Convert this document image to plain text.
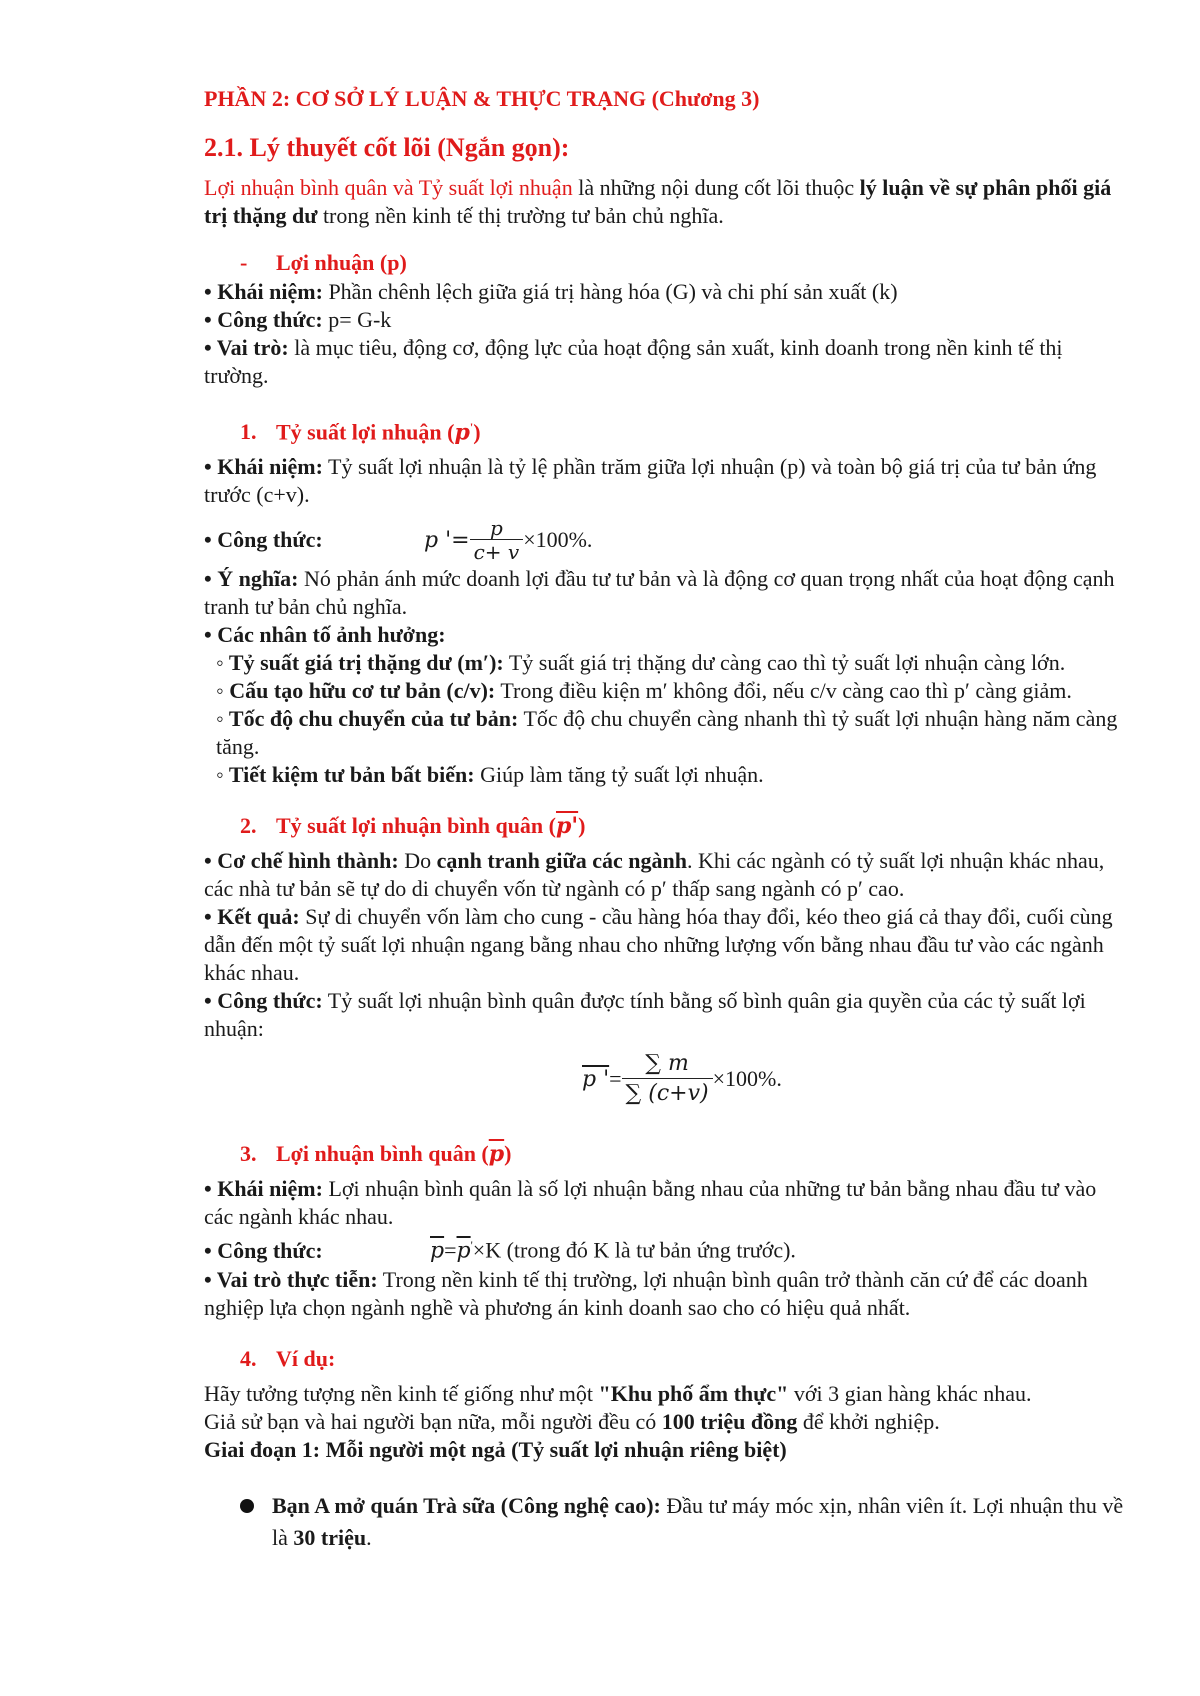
PHẦN 2: CƠ SỞ LÝ LUẬN & THỰC TRẠNG (Chương 3)
2.1. Lý thuyết cốt lõi (Ngắn gọn):

Lợi nhuận bình quân và Tỷ suất lợi nhuận là những nội dung cốt lõi thuộc lý luận về sự phân phối giá trị thặng dư trong nền kinh tế thị trường tư bản chủ nghĩa.

- Lợi nhuận (p)

• Khái niệm: Phần chênh lệch giữa giá trị hàng hóa (G) và chi phí sản xuất (k)

• Công thức: p= G-k

• Vai trò: là mục tiêu, động cơ, động lực của hoạt động sản xuất, kinh doanh trong nền kinh tế thị trường.

1. Tỷ suất lợi nhuận (p')

• Khái niệm: Tỷ suất lợi nhuận là tỷ lệ phần trăm giữa lợi nhuận (p) và toàn bộ giá trị của tư bản ứng trước (c+v).

• Công thức:	p '= $\frac{p}{c+ v} \times 100\%$.

• Ý nghĩa: Nó phản ánh mức doanh lợi đầu tư tư bản và là động cơ quan trọng nhất của hoạt động cạnh tranh tư bản chủ nghĩa.

• Các nhân tố ảnh hưởng:

◦ Tỷ suất giá trị thặng dư (m′): Tỷ suất giá trị thặng dư càng cao thì tỷ suất lợi nhuận càng lớn.

◦ Cấu tạo hữu cơ tư bản (c/v): Trong điều kiện m′ không đổi, nếu c/v càng cao thì p′ càng giảm.

◦ Tốc độ chu chuyển của tư bản: Tốc độ chu chuyển càng nhanh thì tỷ suất lợi nhuận hàng năm càng tăng.

◦ Tiết kiệm tư bản bất biến: Giúp làm tăng tỷ suất lợi nhuận.

2. Tỷ suất lợi nhuận bình quân (p')

• Cơ chế hình thành: Do cạnh tranh giữa các ngành. Khi các ngành có tỷ suất lợi nhuận khác nhau, các nhà tư bản sẽ tự do di chuyển vốn từ ngành có p′ thấp sang ngành có p′ cao.

• Kết quả: Sự di chuyển vốn làm cho cung - cầu hàng hóa thay đổi, kéo theo giá cả thay đổi, cuối cùng dẫn đến một tỷ suất lợi nhuận ngang bằng nhau cho những lượng vốn bằng nhau đầu tư vào các ngành khác nhau.

• Công thức: Tỷ suất lợi nhuận bình quân được tính bằng số bình quân gia quyền của các tỷ suất lợi nhuận:

p ' = $\frac{\sum m}{\sum (c+v)} \times 100\%$.
3. Lợi nhuận bình quân $(\overline{p})$

• Khái niệm: Lợi nhuận bình quân là số lợi nhuận bằng nhau của những tư bản bằng nhau đầu tư vào các ngành khác nhau.

• Công thức:	$\overline{p}=\overline{p}'\times K$ (trong đó K là tư bản ứng trước).

• Vai trò thực tiễn: Trong nền kinh tế thị trường, lợi nhuận bình quân trở thành căn cứ để các doanh nghiệp lựa chọn ngành nghề và phương án kinh doanh sao cho có hiệu quả nhất.

4. Ví dụ:

Hãy tưởng tượng nền kinh tế giống như một "Khu phố ẩm thực" với 3 gian hàng khác nhau.

Giả sử bạn và hai người bạn nữa, mỗi người đều có 100 triệu đồng để khởi nghiệp.

Giai đoạn 1: Mỗi người một ngả (Tỷ suất lợi nhuận riêng biệt)

Bạn A mở quán Trà sữa (Công nghệ cao): Đầu tư máy móc xịn, nhân viên ít. Lợi nhuận thu về là 30 triệu.
